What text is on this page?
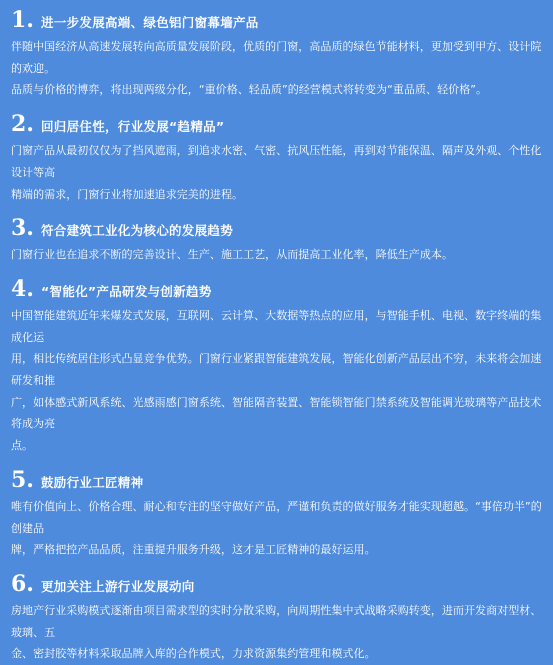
1. 进一步发展高端、绿色铝门窗幕墙产品

伴随中国经济从高速发展转向高质量发展阶段，优质的门窗，高品质的绿色节能材料，更加受到甲方、设计院的欢迎。
品质与价格的博弈，将出现两级分化，“重价格、轻品质”的经营模式将转变为“重品质、轻价格”。

2. 回归居住性，行业发展“趋精品”

门窗产品从最初仅仅为了挡风遮雨，到追求水密、气密、抗风压性能，再到对节能保温、隔声及外观、个性化设计等高
精端的需求，门窗行业将加速追求完美的进程。

3. 符合建筑工业化为核心的发展趋势

门窗行业也在追求不断的完善设计、生产、施工工艺，从而提高工业化率，降低生产成本。

4. “智能化”产品研发与创新趋势

中国智能建筑近年来爆发式发展，互联网、云计算、大数据等热点的应用，与智能手机、电视、数字终端的集成化运
用，相比传统居住形式凸显竞争优势。门窗行业紧跟智能建筑发展，智能化创新产品层出不穷，未来将会加速研发和推
广，如体感式新风系统、光感雨感门窗系统、智能隔音装置、智能锁智能门禁系统及智能调光玻璃等产品技术将成为亮
点。

5. 鼓励行业工匠精神

唯有价值向上、价格合理、耐心和专注的坚守做好产品，严谨和负责的做好服务才能实现超越。“事倍功半”的创建品
牌，严格把控产品品质，注重提升服务升级，这才是工匠精神的最好运用。

6. 更加关注上游行业发展动向

房地产行业采购模式逐渐由项目需求型的实时分散采购，向周期性集中式战略采购转变，进而开发商对型材、玻璃、五
金、密封胶等材料采取品牌入库的合作模式，力求资源集约管理和模式化。
